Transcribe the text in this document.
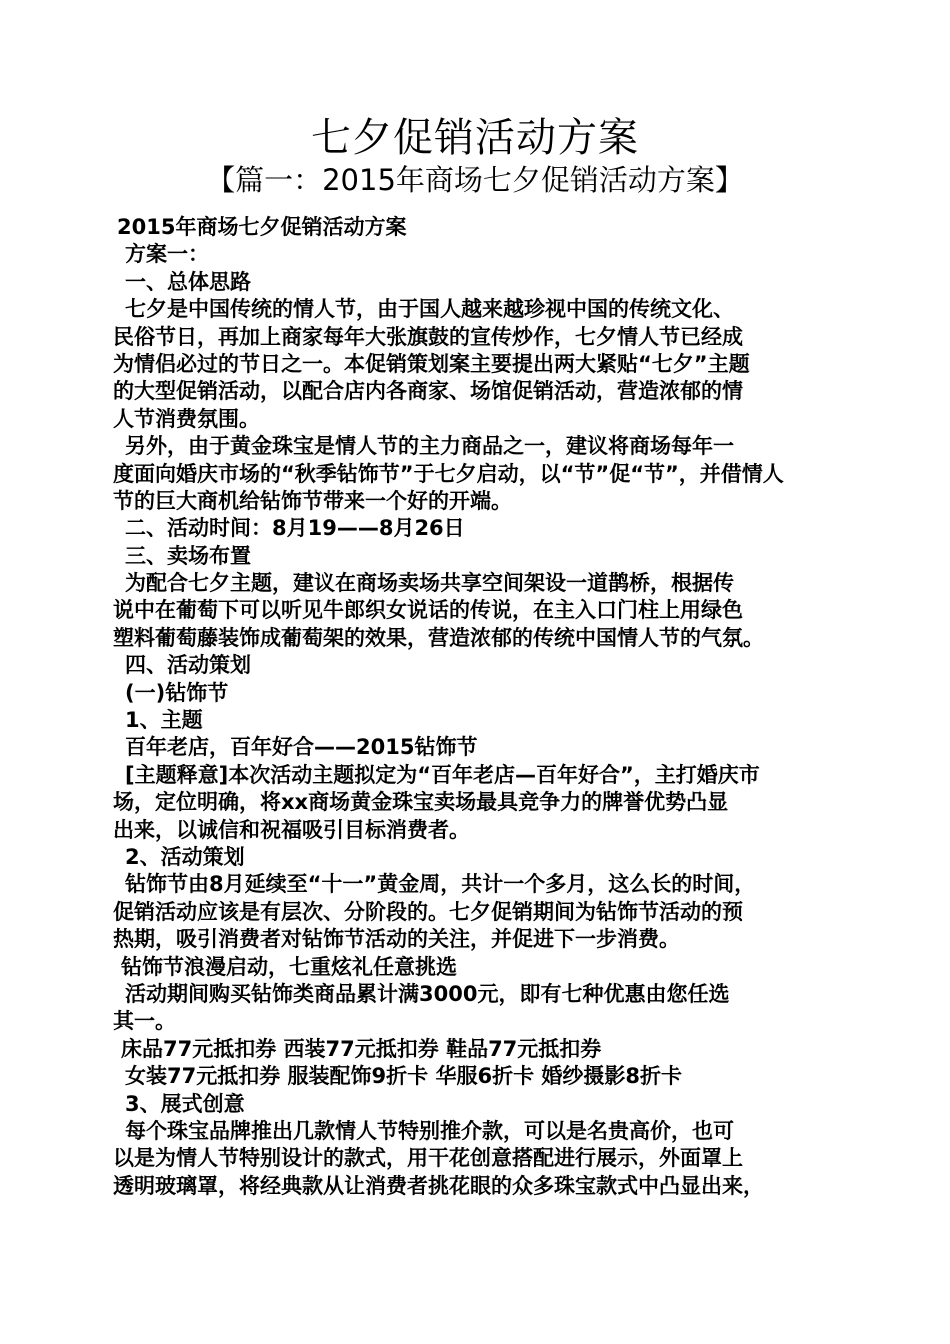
七夕促销活动方案
【篇一：2015年商场七夕促销活动方案】
2015年商场七夕促销活动方案
方案一：
一、总体思路
七夕是中国传统的情人节，由于国人越来越珍视中国的传统文化、
民俗节日，再加上商家每年大张旗鼓的宣传炒作，七夕情人节已经成
为情侣必过的节日之一。本促销策划案主要提出两大紧贴“七夕”主题
的大型促销活动，以配合店内各商家、场馆促销活动，营造浓郁的情
人节消费氛围。
另外，由于黄金珠宝是情人节的主力商品之一，建议将商场每年一
度面向婚庆市场的“秋季钻饰节”于七夕启动，以“节”促“节”，并借情人
节的巨大商机给钻饰节带来一个好的开端。
二、活动时间：8月19——8月26日
三、卖场布置
为配合七夕主题，建议在商场卖场共享空间架设一道鹊桥，根据传
说中在葡萄下可以听见牛郎织女说话的传说，在主入口门柱上用绿色
塑料葡萄藤装饰成葡萄架的效果，营造浓郁的传统中国情人节的气氛。
四、活动策划
(一)钻饰节
1、主题
百年老店，百年好合——2015钻饰节
[主题释意]本次活动主题拟定为“百年老店—百年好合”，主打婚庆市
场，定位明确，将xx商场黄金珠宝卖场最具竞争力的牌誉优势凸显
出来，以诚信和祝福吸引目标消费者。
2、活动策划
钻饰节由8月延续至“十一”黄金周，共计一个多月，这么长的时间，
促销活动应该是有层次、分阶段的。七夕促销期间为钻饰节活动的预
热期，吸引消费者对钻饰节活动的关注，并促进下一步消费。
钻饰节浪漫启动，七重炫礼任意挑选
活动期间购买钻饰类商品累计满3000元，即有七种优惠由您任选
其一。
床品77元抵扣券 西装77元抵扣券 鞋品77元抵扣券
女装77元抵扣券 服装配饰9折卡 华服6折卡 婚纱摄影8折卡
3、展式创意
每个珠宝品牌推出几款情人节特别推介款，可以是名贵高价，也可
以是为情人节特别设计的款式，用干花创意搭配进行展示，外面罩上
透明玻璃罩，将经典款从让消费者挑花眼的众多珠宝款式中凸显出来，
